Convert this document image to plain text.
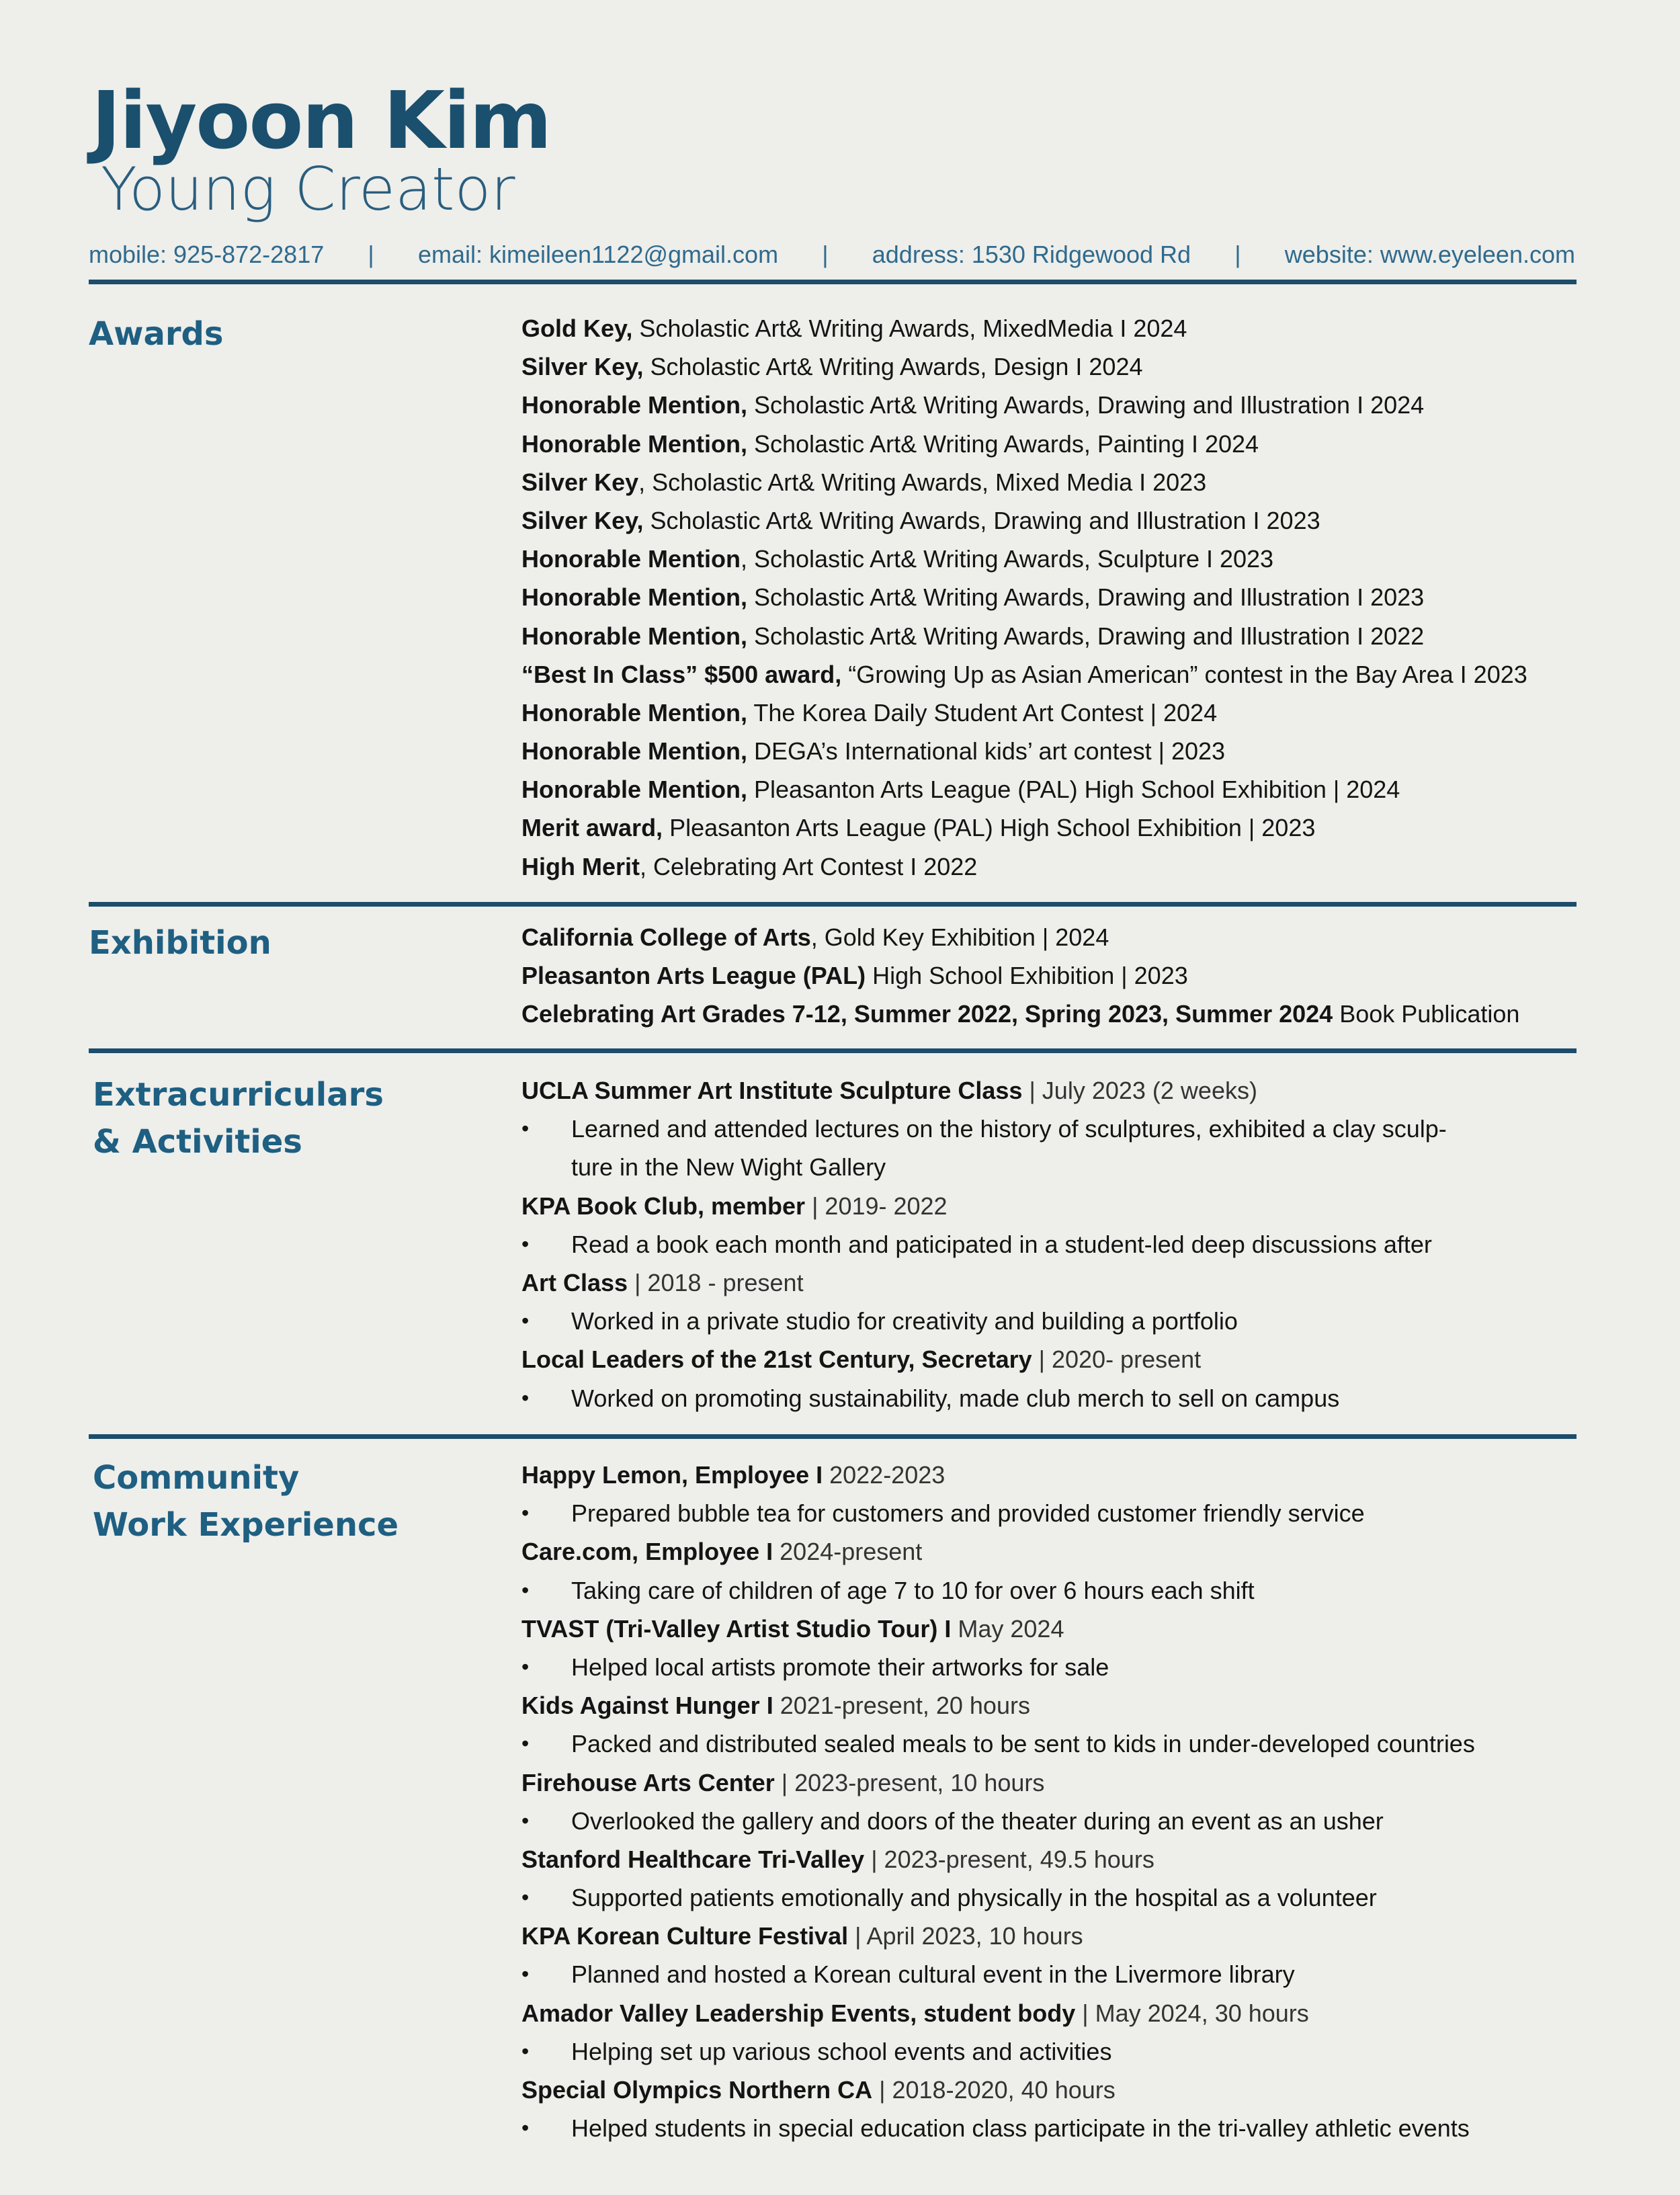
Jiyoon Kim
Young Creator
mobile: 925-872-2817 | email: kimeileen1122@gmail.com | address: 1530 Ridgewood Rd | website: www.eyeleen.com
Awards	Gold Key, Scholastic Art& Writing Awards, MixedMedia I 2024
Silver Key, Scholastic Art& Writing Awards, Design I 2024
Honorable Mention, Scholastic Art& Writing Awards, Drawing and Illustration I 2024
Honorable Mention, Scholastic Art& Writing Awards, Painting I 2024
Silver Key, Scholastic Art& Writing Awards, Mixed Media I 2023
Silver Key, Scholastic Art& Writing Awards, Drawing and Illustration I 2023
Honorable Mention, Scholastic Art& Writing Awards, Sculpture I 2023
Honorable Mention, Scholastic Art& Writing Awards, Drawing and Illustration I 2023
Honorable Mention, Scholastic Art& Writing Awards, Drawing and Illustration I 2022
“Best In Class” $500 award, “Growing Up as Asian American” contest in the Bay Area I 2023
Honorable Mention, The Korea Daily Student Art Contest | 2024
Honorable Mention, DEGA’s International kids’ art contest | 2023
Honorable Mention, Pleasanton Arts League (PAL) High School Exhibition | 2024
Merit award, Pleasanton Arts League (PAL) High School Exhibition | 2023
High Merit, Celebrating Art Contest I 2022
Exhibition	California College of Arts, Gold Key Exhibition | 2024
Pleasanton Arts League (PAL) High School Exhibition | 2023
Celebrating Art Grades 7-12, Summer 2022, Spring 2023, Summer 2024 Book Publication
Extracurriculars
& Activities
UCLA Summer Art Institute Sculpture Class | July 2023 (2 weeks)
• Learned and attended lectures on the history of sculptures, exhibited a clay sculp-
ture in the New Wight Gallery
KPA Book Club, member | 2019- 2022
• Read a book each month and paticipated in a student-led deep discussions after
Art Class | 2018 - present
• Worked in a private studio for creativity and building a portfolio
Local Leaders of the 21st Century, Secretary | 2020- present
• Worked on promoting sustainability, made club merch to sell on campus
Community
Work Experience
Happy Lemon, Employee I 2022-2023
• Prepared bubble tea for customers and provided customer friendly service
Care.com, Employee I 2024-present
• Taking care of children of age 7 to 10 for over 6 hours each shift
TVAST (Tri-Valley Artist Studio Tour) I May 2024
• Helped local artists promote their artworks for sale
Kids Against Hunger I 2021-present, 20 hours
• Packed and distributed sealed meals to be sent to kids in under-developed countries
Firehouse Arts Center | 2023-present, 10 hours
• Overlooked the gallery and doors of the theater during an event as an usher
Stanford Healthcare Tri-Valley | 2023-present, 49.5 hours
• Supported patients emotionally and physically in the hospital as a volunteer
KPA Korean Culture Festival | April 2023, 10 hours
• Planned and hosted a Korean cultural event in the Livermore library
Amador Valley Leadership Events, student body | May 2024, 30 hours
• Helping set up various school events and activities
Special Olympics Northern CA | 2018-2020, 40 hours
• Helped students in special education class participate in the tri-valley athletic events
